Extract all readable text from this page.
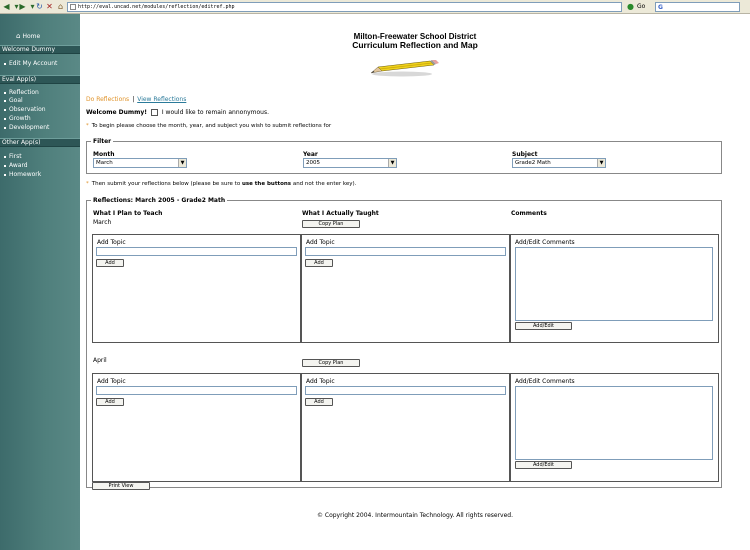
◀ ▾ ▶ ▾ ↻ ✕ ⌂	http://eval.uncad.net/modules/reflection/editref.php	● Go G
⌂ Home
Welcome Dummy
Edit My Account
Eval App(s)
Reflection
Goal
Observation
Growth
Development
Other App(s)
First
Award
Homework
Milton-Freewater School District
Curriculum Reflection and Map
Do Reflections | View Reflections
Welcome Dummy! I would like to remain annonymous.
* To begin please choose the month, year, and subject you wish to submit reflections for
Filter
Month
March	▼
Year
2005	▼
Subject
Grade2 Math	▼
* Then submit your reflections below (please be sure to use the buttons and not the enter key).
Reflections: March 2005 - Grade2 Math
What I Plan to Teach	What I Actually Taught	Comments
March	Copy Plan
Add Topic
Add
Add Topic
Add
Add/Edit Comments
Add/Edit
April	Copy Plan
Add Topic
Add
Add Topic
Add
Add/Edit Comments
Add/Edit
Print View
© Copyright 2004. Intermountain Technology. All rights reserved.
